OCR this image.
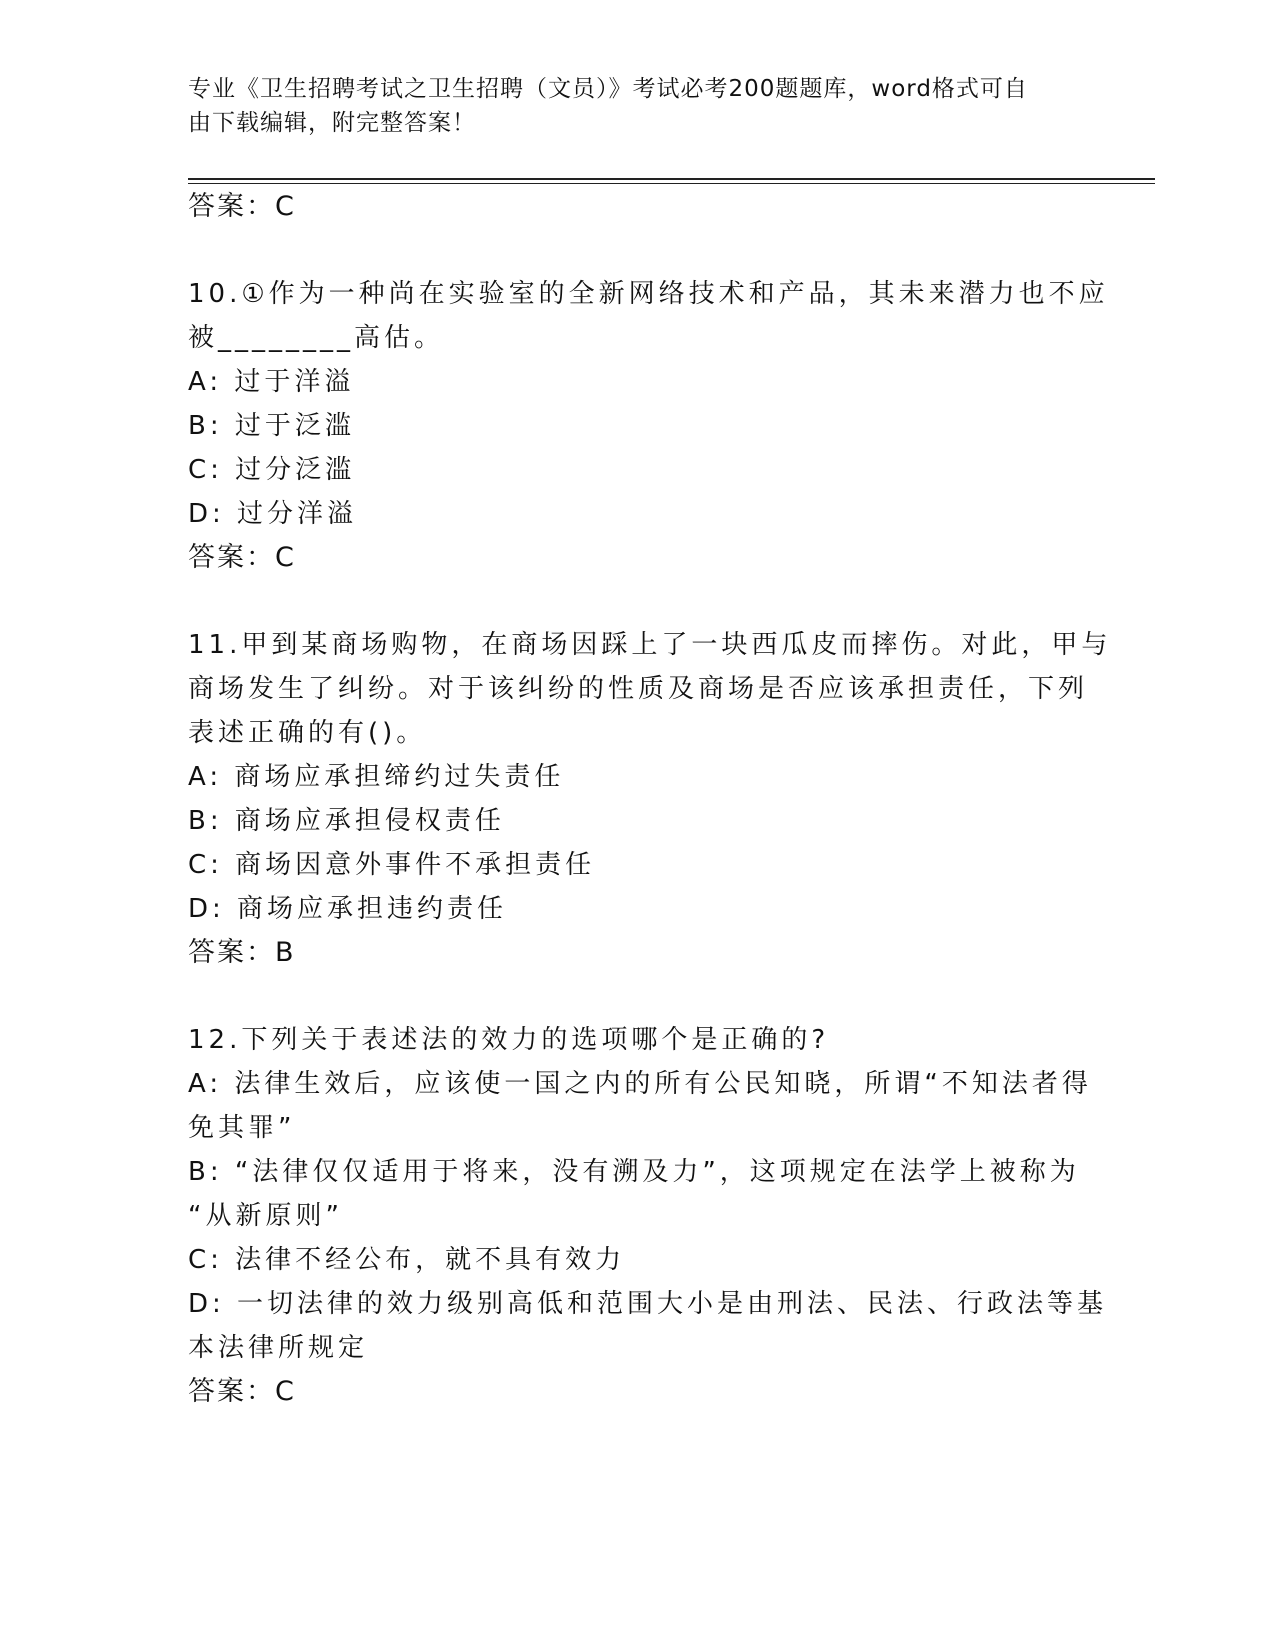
专业《卫生招聘考试之卫生招聘（文员）》考试必考200题题库，word格式可自
由下载编辑，附完整答案！
答案：C
10.①作为一种尚在实验室的全新网络技术和产品，其未来潜力也不应
被________高估。
A: 过于洋溢
B: 过于泛滥
C: 过分泛滥
D: 过分洋溢
答案：C
11.甲到某商场购物，在商场因踩上了一块西瓜皮而摔伤。对此，甲与
商场发生了纠纷。对于该纠纷的性质及商场是否应该承担责任，下列
表述正确的有()。
A: 商场应承担缔约过失责任
B: 商场应承担侵权责任
C: 商场因意外事件不承担责任
D: 商场应承担违约责任
答案：B
12.下列关于表述法的效力的选项哪个是正确的?
A: 法律生效后，应该使一国之内的所有公民知晓，所谓“不知法者得
免其罪”
B: “法律仅仅适用于将来，没有溯及力”，这项规定在法学上被称为
“从新原则”
C: 法律不经公布，就不具有效力
D: 一切法律的效力级别高低和范围大小是由刑法、民法、行政法等基
本法律所规定
答案：C
